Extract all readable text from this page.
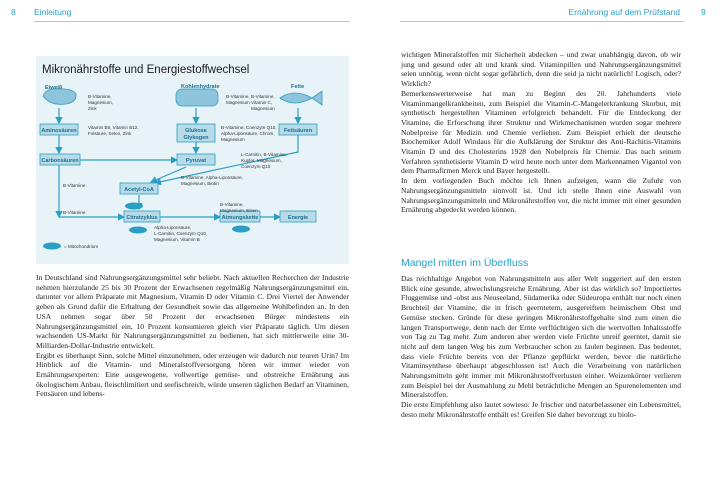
8 Einleitung	Ernährung auf dem Prüfstand 9
Mikronährstoffe und Energiestoffwechsel
Eiweiß	Kohlenhydrate	Fette
Aminosäuren	Glukose
Glykogen
Fettsäuren
Carbonsäuren	Pyruvat
Acetyl-CoA
Citratzyklus	Atmungskette	Energie
B-Vitamine, Magnesium, Zink
B-Vitamine, Magnesium
B-Vitamine, Vitamin C, Magnesium
Vitamin B6, Vitamin B12, Folsäure, Selen, Zink
B-Vitamine, Coenzym Q10, Alpha-Liponsäure, Chrom, Magnesium
L-Carnitin, B-Vitamine, Kupfer, Magnesium, Coenzym Q10
B-Vitamine, Alpha-Liponsäure, Magnesium, Biotin
B-Vitamine
B-Vitamine
Alpha-Liponsäure, L-Carnitin, Coenzym Q10, Magnesium, Vitamin B
B-Vitamine, Magnesium, Eisen
= Mitochondrium

In Deutschland sind Nahrungsergänzungsmittel sehr beliebt. Nach aktuellen Recherchen der Industrie nehmen hierzulande 25 bis 30 Prozent der Erwachsenen regelmäßig Nahrungsergänzungsmittel ein, darunter vor allem Präparate mit Magnesium, Vitamin D oder Vitamin C. Drei Viertel der Anwender geben als Grund dafür die Erhaltung der Gesundheit sowie das allgemeine Wohlbefinden an. In den USA nehmen sogar über 50 Prozent der erwachsenen Bürger mindestens ein Nahrungsergänzungsmittel ein, 10 Prozent konsumieren gleich vier Präparate täglich. Um diesen wachsenden US-Markt für Nahrungsergänzungsmittel zu bedienen, hat sich mittlerweile eine 30-Milliarden-Dollar-Industrie entwickelt.

Ergibt es überhaupt Sinn, solche Mittel einzunehmen, oder erzeugen wir dadurch nur teuren Urin? Im Hinblick auf die Vitamin- und Mineralstoffversorgung hören wir immer wieder von Ernährungsexperten: Eine ausgewogene, vollwertige gemüse- und obstreiche Ernährung aus ökologischem Anbau, fleischlimitiert und seefischreich, würde unseren täglichen Bedarf an Vitaminen, Fettsäuren und lebens-

wichtigen Mineralstoffen mit Sicherheit abdecken – und zwar unabhängig davon, ob wir jung und gesund oder alt und krank sind. Vitaminpillen und Nahrungsergänzungsmittel seien unnötig, wenn nicht sogar gefährlich, denn die seid ja nicht natürlich! Logisch, oder? Wirklich?

Bemerkenswerterweise hat man zu Beginn des 20. Jahrhunderts viele Vitaminmangelkrankheiten, zum Beispiel die Vitamin-C-Mangelerkrankung Skorbut, mit synthetisch hergestellten Vitaminen erfolgreich behandelt. Für die Entdeckung der Vitamine, die Erforschung ihrer Struktur und Wirkmechanismen wurden sogar mehrere Nobelpreise für Medizin und Chemie verliehen. Zum Beispiel erhielt der deutsche Biochemiker Adolf Windaus für die Aufklärung der Struktur des Anti-Rachitis-Vitamins Vitamin D und des Cholesterins 1928 den Nobelpreis für Chemie. Das nach seinem Verfahren synthetisierte Vitamin D wird heute noch unter dem Markennamen Vigantol von dem Pharmafirmen Merck und Bayer hergestellt.

In dem vorliegenden Buch möchte ich Ihnen aufzeigen, wann die Zufuhr von Nahrungsergänzungsmitteln sinnvoll ist. Und ich stelle Ihnen eine Auswahl von Nahrungsergänzungsmitteln und Mikronährstoffen vor, die nicht immer mit einer gesunden Ernährung abgedeckt werden können.

Mangel mitten im Überfluss

Das reichhaltige Angebot von Nahrungsmitteln aus aller Welt suggeriert auf den ersten Blick eine gesunde, abwechslungsreiche Ernährung. Aber ist das wirklich so? Importiertes Fluggemüse und -obst aus Neuseeland, Südamerika oder Südeuropa enthält nur noch einen Bruchteil der Vitamine, die in frisch geerntetem, ausgereiftem heimischem Obst und Gemüse stecken. Gründe für diese geringen Mikronährstoffgehalte sind zum einen die langen Transportwege, denn nach der Ernte verflüchtigen sich die wertvollen Inhaltsstoffe von Tag zu Tag mehr. Zum anderen aber werden viele Früchte unreif geerntet, damit sie nicht auf dem langen Weg bis zum Verbraucher schon zu faulen beginnen. Das bedeutet, dass viele Früchte bereits von der Pflanze gepflückt werden, bevor die natürliche Vitaminsynthese überhaupt abgeschlossen ist! Auch die Verarbeitung von natürlichen Nahrungsmitteln geht immer mit Mikronährstoffverlusten einher. Weizenkörner verlieren zum Beispiel bei der Ausmahlung zu Mehl beträchtliche Mengen an Spurenelementen und Mineralstoffen.

Die erste Empfehlung also lautet sowieso: Je frischer und naturbelassener ein Lebensmittel, desto mehr Mikronährstoffe enthält es! Greifen Sie daher bevorzugt zu biolo-
